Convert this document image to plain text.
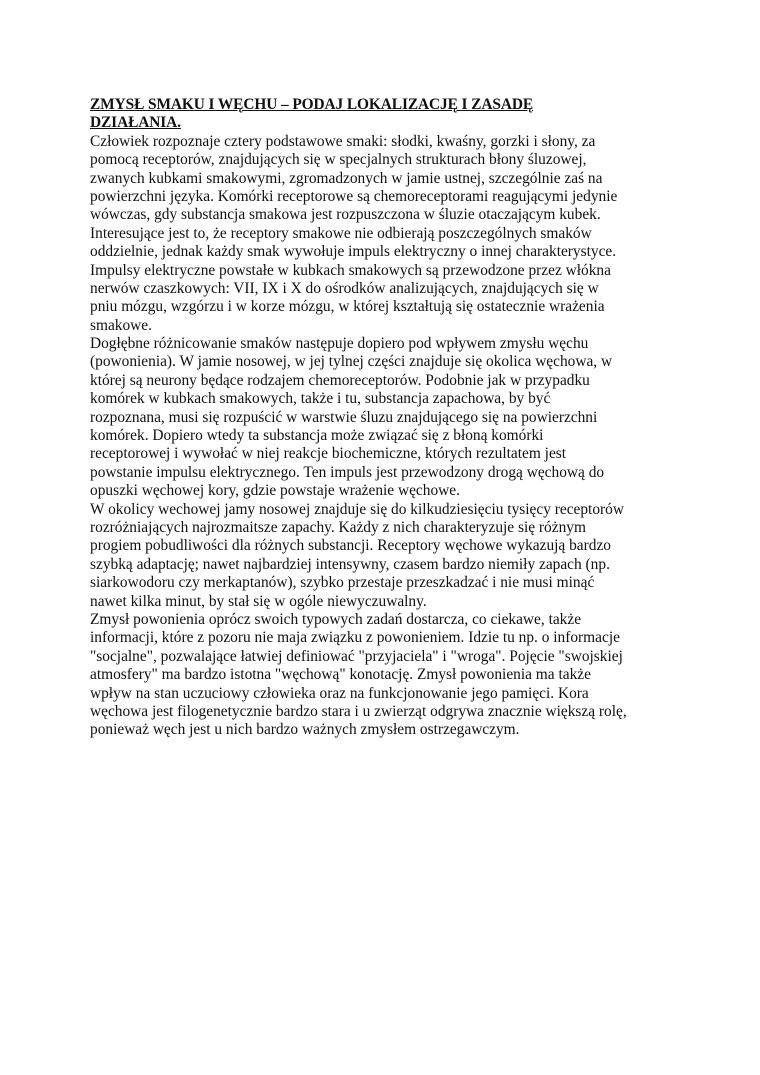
ZMYSŁ SMAKU I WĘCHU – PODAJ LOKALIZACJĘ I ZASADĘ
DZIAŁANIA.

Człowiek rozpoznaje cztery podstawowe smaki: słodki, kwaśny, gorzki i słony, za
pomocą receptorów, znajdujących się w specjalnych strukturach błony śluzowej,
zwanych kubkami smakowymi, zgromadzonych w jamie ustnej, szczególnie zaś na
powierzchni języka. Komórki receptorowe są chemoreceptorami reagującymi jedynie
wówczas, gdy substancja smakowa jest rozpuszczona w śluzie otaczającym kubek.
Interesujące jest to, że receptory smakowe nie odbierają poszczególnych smaków
oddzielnie, jednak każdy smak wywołuje impuls elektryczny o innej charakterystyce.
Impulsy elektryczne powstałe w kubkach smakowych są przewodzone przez włókna
nerwów czaszkowych: VII, IX i X do ośrodków analizujących, znajdujących się w
pniu mózgu, wzgórzu i w korze mózgu, w której kształtują się ostatecznie wrażenia
smakowe.

Dogłębne różnicowanie smaków następuje dopiero pod wpływem zmysłu węchu
(powonienia). W jamie nosowej, w jej tylnej części znajduje się okolica węchowa, w
której są neurony będące rodzajem chemoreceptorów. Podobnie jak w przypadku
komórek w kubkach smakowych, także i tu, substancja zapachowa, by być
rozpoznana, musi się rozpuścić w warstwie śluzu znajdującego się na powierzchni
komórek. Dopiero wtedy ta substancja może związać się z błoną komórki
receptorowej i wywołać w niej reakcje biochemiczne, których rezultatem jest
powstanie impulsu elektrycznego. Ten impuls jest przewodzony drogą węchową do
opuszki węchowej kory, gdzie powstaje wrażenie węchowe.

W okolicy wechowej jamy nosowej znajduje się do kilkudziesięciu tysięcy receptorów
rozróżniających najrozmaitsze zapachy. Każdy z nich charakteryzuje się różnym
progiem pobudliwości dla różnych substancji. Receptory węchowe wykazują bardzo
szybką adaptację; nawet najbardziej intensywny, czasem bardzo niemiły zapach (np.
siarkowodoru czy merkaptanów), szybko przestaje przeszkadzać i nie musi minąć
nawet kilka minut, by stał się w ogóle niewyczuwalny.

Zmysł powonienia oprócz swoich typowych zadań dostarcza, co ciekawe, także
informacji, które z pozoru nie maja związku z powonieniem. Idzie tu np. o informacje
"socjalne", pozwalające łatwiej definiować "przyjaciela" i "wroga". Pojęcie "swojskiej
atmosfery" ma bardzo istotna "węchową" konotację. Zmysł powonienia ma także
wpływ na stan uczuciowy człowieka oraz na funkcjonowanie jego pamięci. Kora
węchowa jest filogenetycznie bardzo stara i u zwierząt odgrywa znacznie większą rolę,
ponieważ węch jest u nich bardzo ważnych zmysłem ostrzegawczym.
